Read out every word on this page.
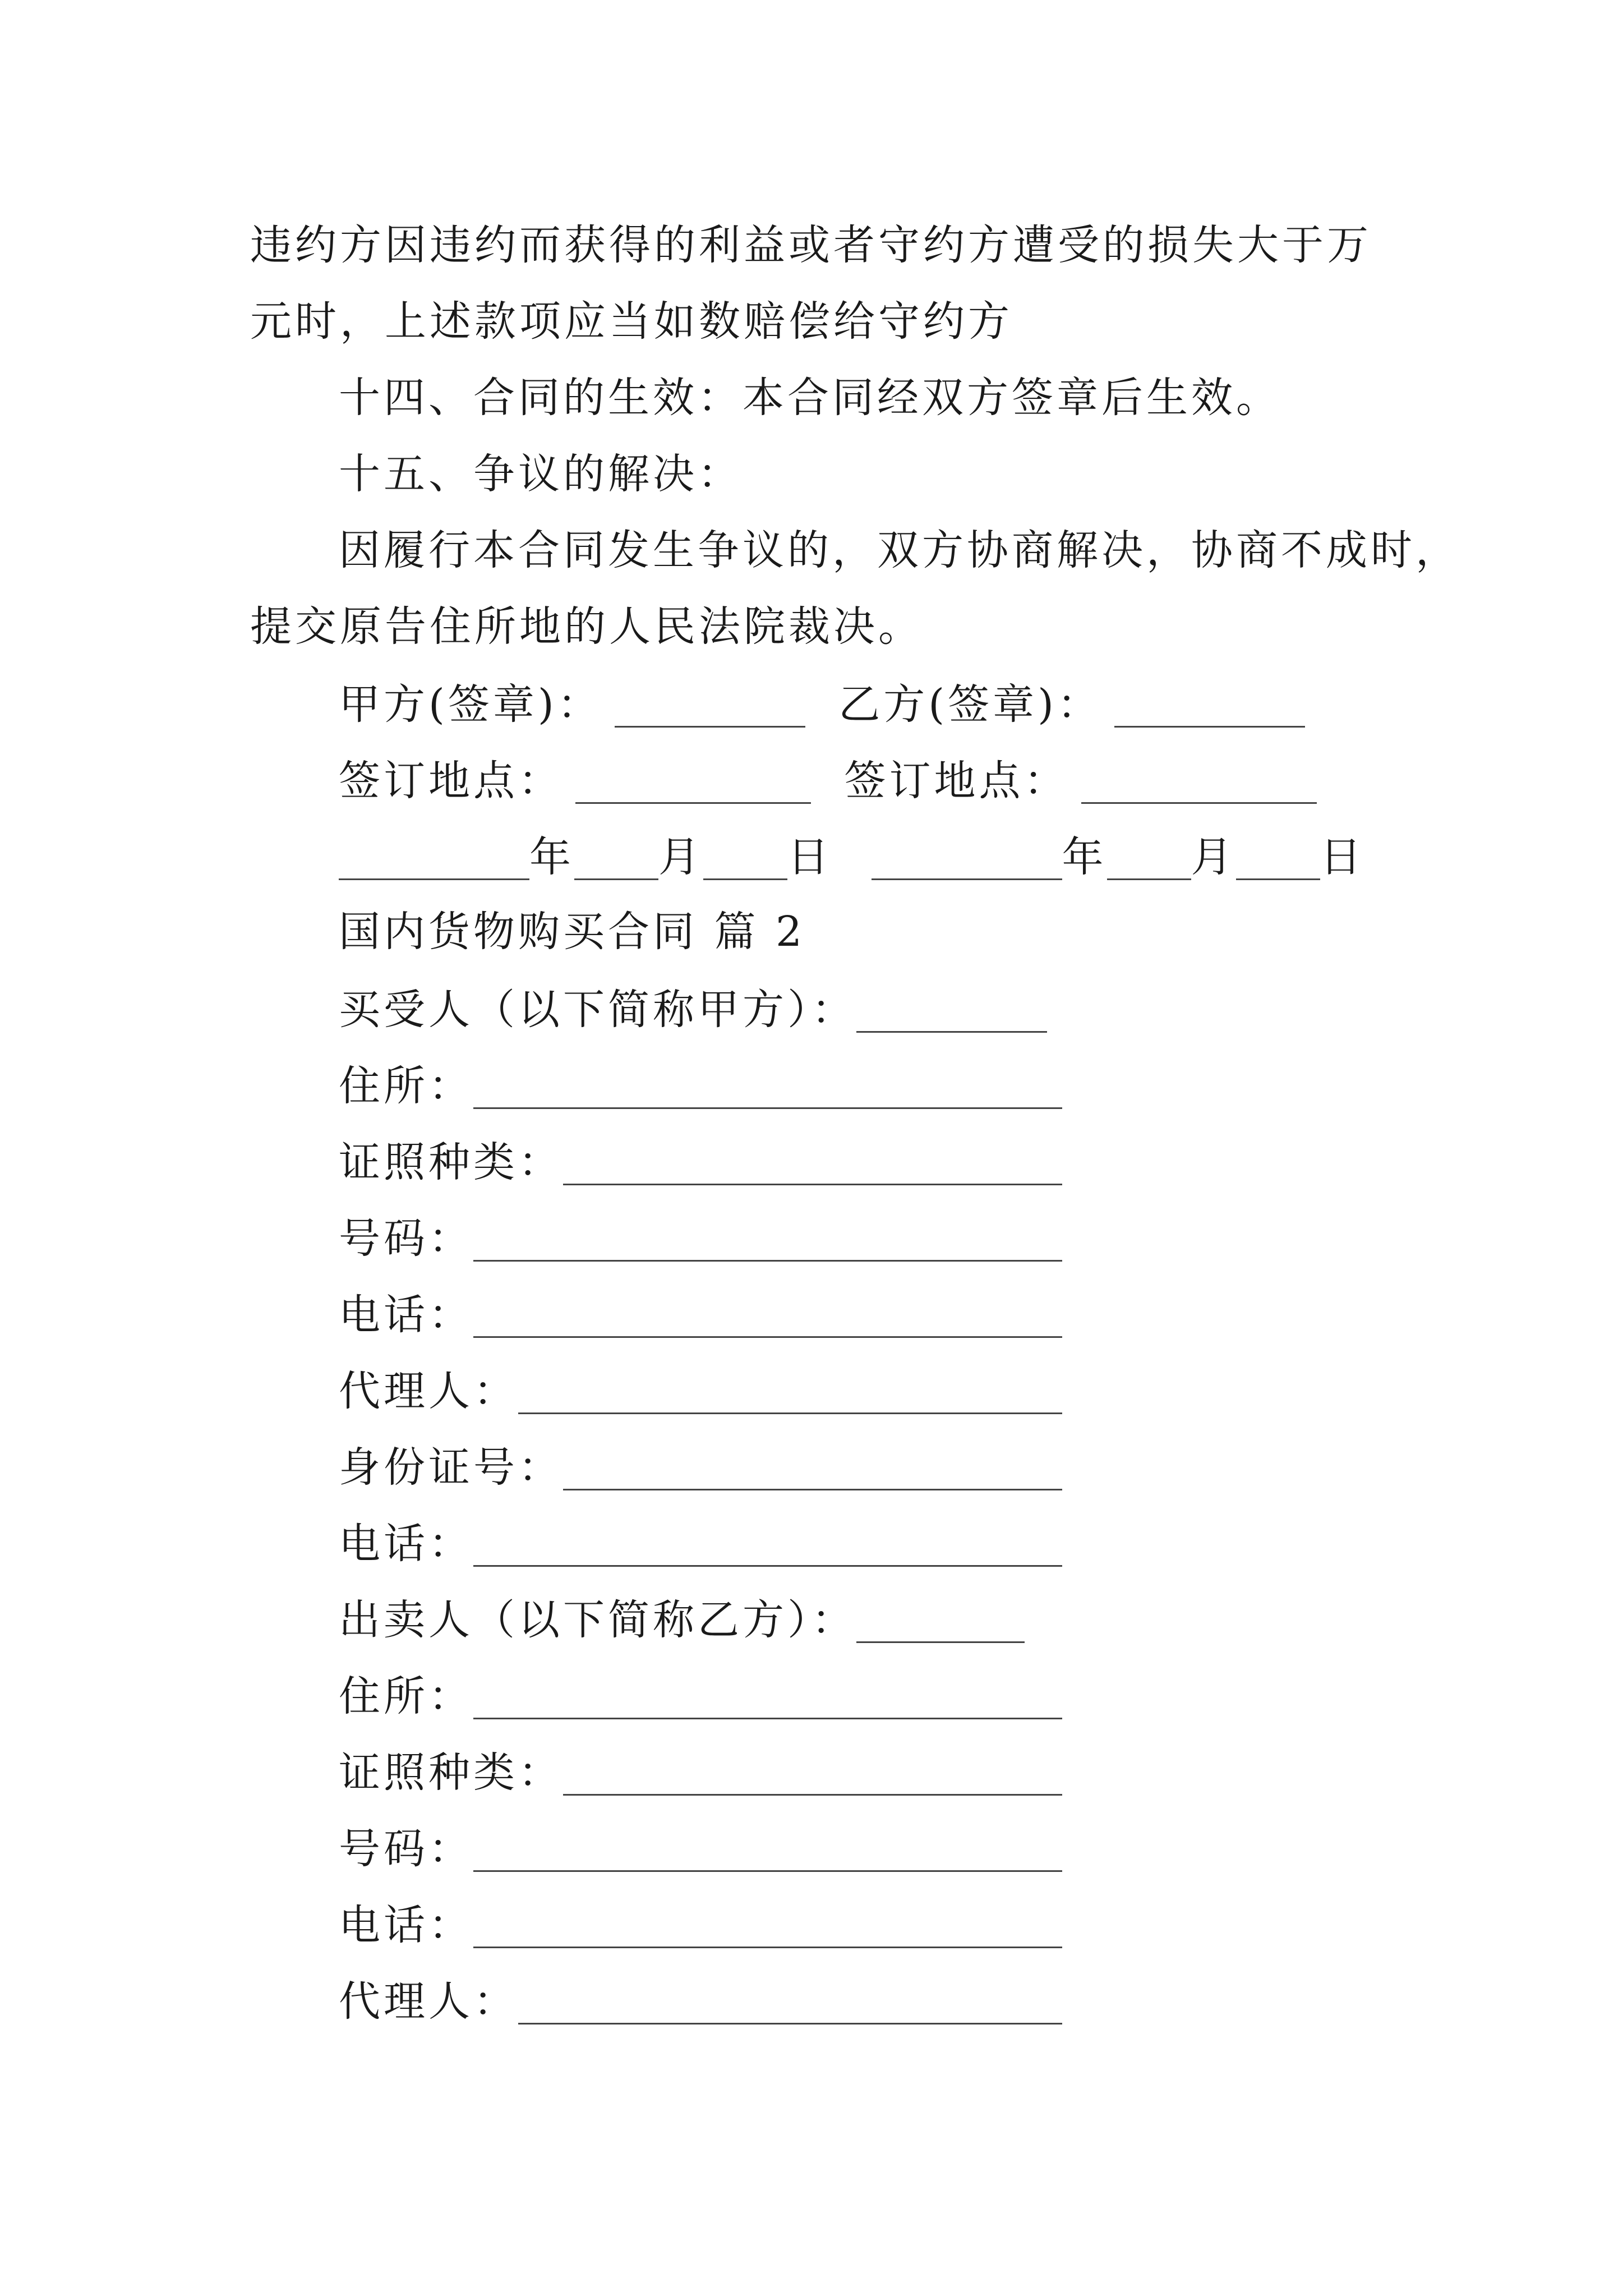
违约方因违约而获得的利益或者守约方遭受的损失大于万
元时，上述款项应当如数赔偿给守约方
十四、合同的生效：本合同经双方签章后生效。
十五、争议的解决：
因履行本合同发生争议的，双方协商解决，协商不成时，
提交原告住所地的人民法院裁决。
甲方(签章)：	乙方(签章)：
签订地点：	签订地点：
年 月 日	年 月 日
国内货物购买合同 篇 2
买受人（以下简称甲方）：
住所：
证照种类：
号码：
电话：
代理人：
身份证号：
电话：
出卖人（以下简称乙方）：
住所：
证照种类：
号码：
电话：
代理人：
